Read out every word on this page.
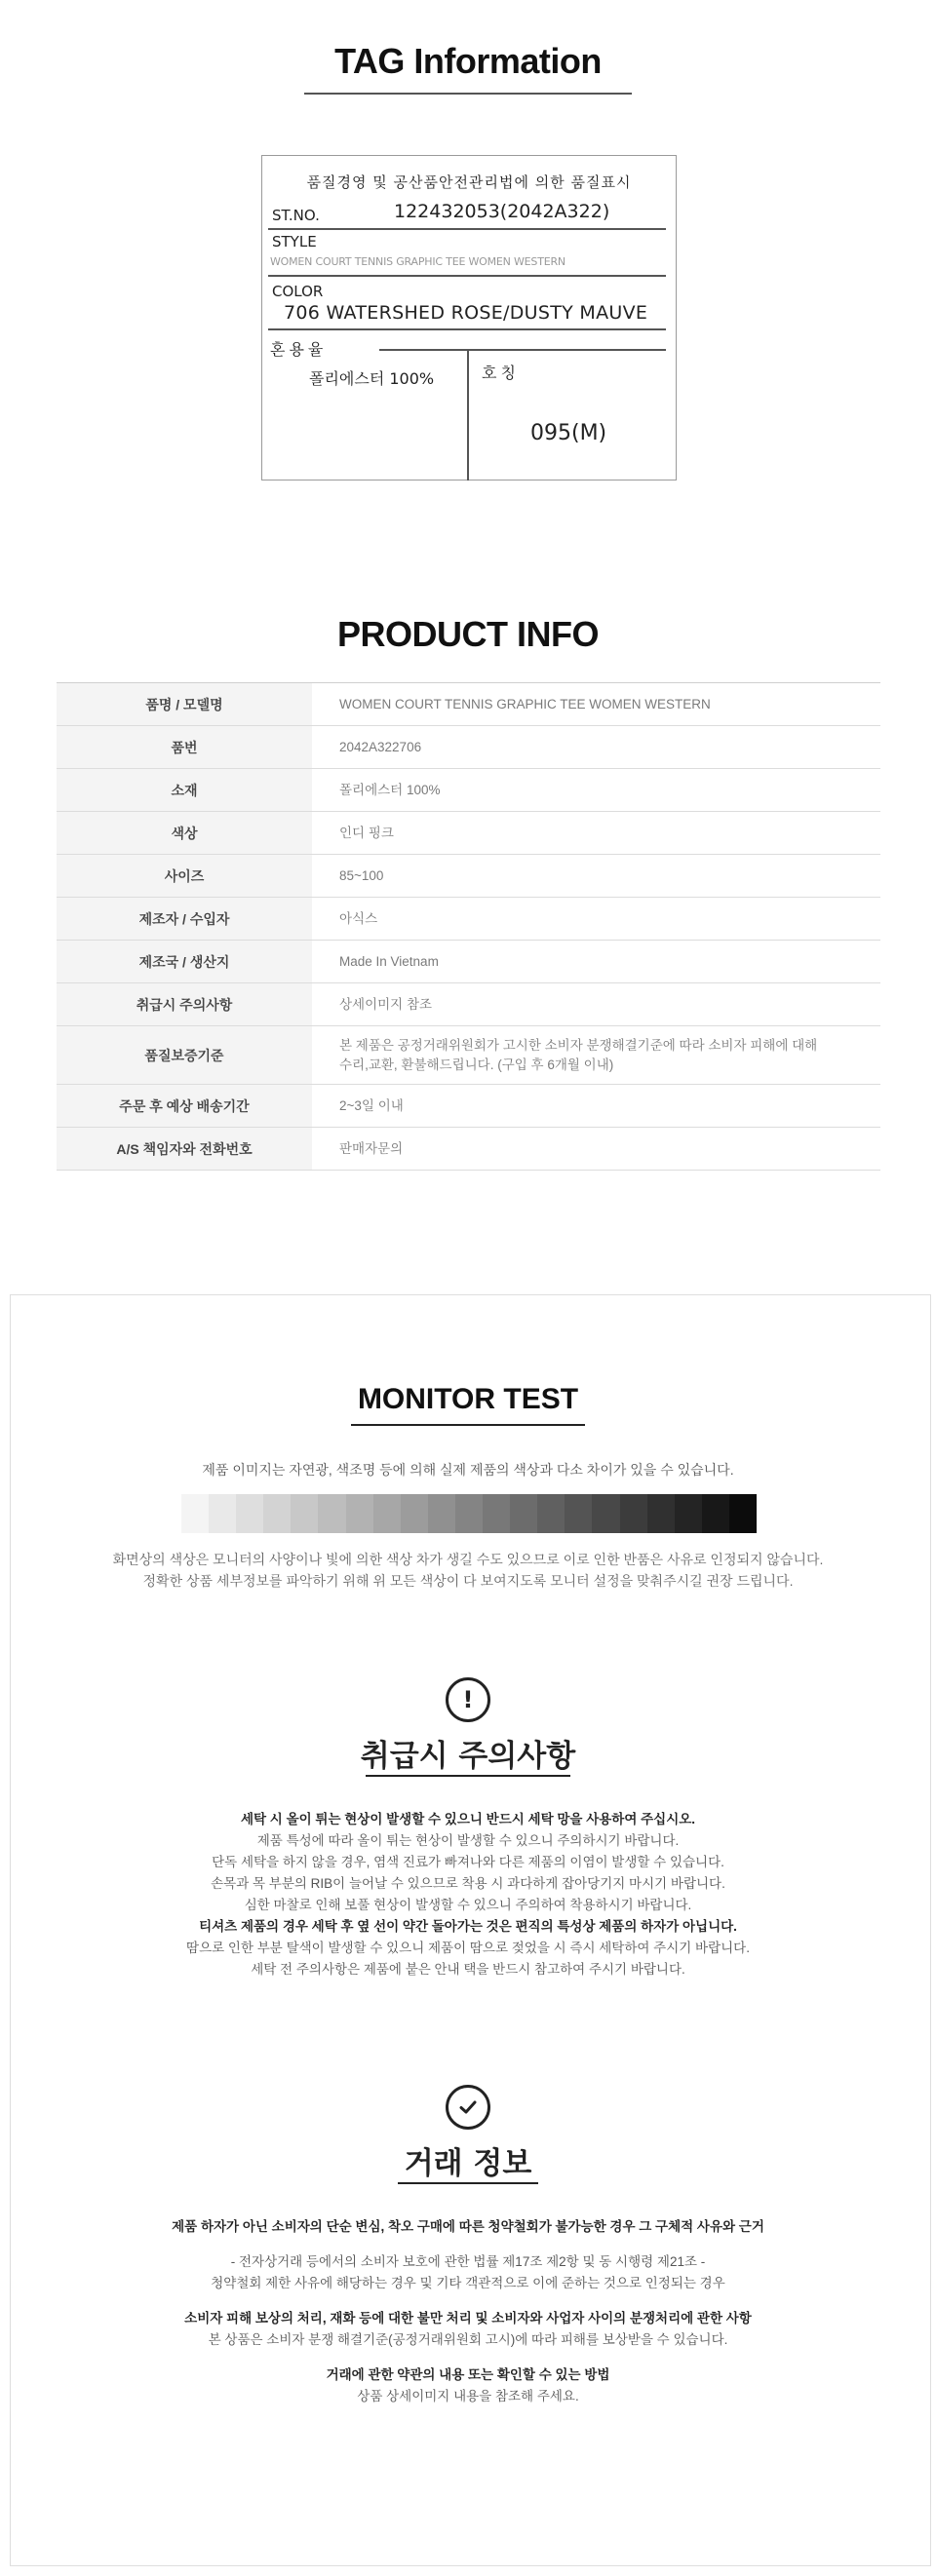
TAG Information
품질경영 및 공산품안전관리법에 의한 품질표시
ST.NO.	122432053(2042A322)
STYLE
WOMEN COURT TENNIS GRAPHIC TEE WOMEN WESTERN
COLOR
706 WATERSHED ROSE/DUSTY MAUVE
혼용율
폴리에스터 100%	호칭
095(M)
PRODUCT INFO
품명 / 모델명	WOMEN COURT TENNIS GRAPHIC TEE WOMEN WESTERN
품번	2042A322706
소재	폴리에스터 100%
색상	인디 핑크
사이즈	85~100
제조자 / 수입자	아식스
제조국 / 생산지	Made In Vietnam
취급시 주의사항	상세이미지 참조
품질보증기준
본 제품은 공정거래위원회가 고시한 소비자 분쟁해결기준에 따라 소비자 피해에 대해
수리,교환, 환불해드립니다. (구입 후 6개월 이내)
주문 후 예상 배송기간	2~3일 이내
A/S 책임자와 전화번호	판매자문의
MONITOR TEST
제품 이미지는 자연광, 색조명 등에 의해 실제 제품의 색상과 다소 차이가 있을 수 있습니다.
화면상의 색상은 모니터의 사양이나 빛에 의한 색상 차가 생길 수도 있으므로 이로 인한 반품은 사유로 인정되지 않습니다.
정확한 상품 세부정보를 파악하기 위해 위 모든 색상이 다 보여지도록 모니터 설정을 맞춰주시길 권장 드립니다.
!
취급시 주의사항
세탁 시 올이 튀는 현상이 발생할 수 있으니 반드시 세탁 망을 사용하여 주십시오.
제품 특성에 따라 올이 튀는 현상이 발생할 수 있으니 주의하시기 바랍니다.
단독 세탁을 하지 않을 경우, 염색 진료가 빠져나와 다른 제품의 이염이 발생할 수 있습니다.
손목과 목 부분의 RIB이 늘어날 수 있으므로 착용 시 과다하게 잡아당기지 마시기 바랍니다.
심한 마찰로 인해 보풀 현상이 발생할 수 있으니 주의하여 착용하시기 바랍니다.
티셔츠 제품의 경우 세탁 후 옆 선이 약간 돌아가는 것은 편직의 특성상 제품의 하자가 아닙니다.
땀으로 인한 부분 탈색이 발생할 수 있으니 제품이 땀으로 젖었을 시 즉시 세탁하여 주시기 바랍니다.
세탁 전 주의사항은 제품에 붙은 안내 택을 반드시 참고하여 주시기 바랍니다.
거래 정보
제품 하자가 아닌 소비자의 단순 변심, 착오 구매에 따른 청약철회가 불가능한 경우 그 구체적 사유와 근거
- 전자상거래 등에서의 소비자 보호에 관한 법률 제17조 제2항 및 동 시행령 제21조 -
청약철회 제한 사유에 해당하는 경우 및 기타 객관적으로 이에 준하는 것으로 인정되는 경우
소비자 피해 보상의 처리, 재화 등에 대한 불만 처리 및 소비자와 사업자 사이의 분쟁처리에 관한 사항
본 상품은 소비자 분쟁 해결기준(공정거래위원회 고시)에 따라 피해를 보상받을 수 있습니다.
거래에 관한 약관의 내용 또는 확인할 수 있는 방법
상품 상세이미지 내용을 참조해 주세요.
